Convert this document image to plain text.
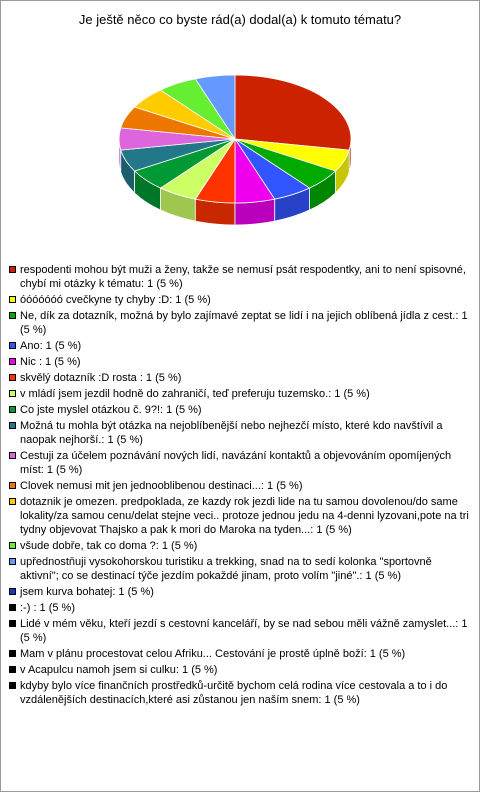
Je ještě něco co byste rád(a) dodal(a) k tomuto tématu?
respodenti mohou být muži a ženy, takže se nemusí psát respodentky, ani to není spisovné, chybí mi otázky k tématu: 1 (5 %)
óóóóóóó cvečkyne ty chyby :D: 1 (5 %)
Ne, dík za dotazník, možná by bylo zajímavé zeptat se lidí i na jejich oblíbená jídla z cest.: 1 (5 %)
Ano: 1 (5 %)
Nic : 1 (5 %)
skvělý dotazník :D rosta : 1 (5 %)
v mládí jsem jezdil hodně do zahraničí, teď preferuju tuzemsko.: 1 (5 %)
Co jste myslel otázkou č. 9?!: 1 (5 %)
Možná tu mohla být otázka na nejoblíbenější nebo nejhezčí místo, které kdo navštívil a naopak nejhorší.: 1 (5 %)
Cestuji za účelem poznávání nových lidí, navázání kontaktů a objevováním opomíjených míst: 1 (5 %)
Clovek nemusi mit jen jednooblibenou destinaci...: 1 (5 %)
dotaznik je omezen. predpoklada, ze kazdy rok jezdi lide na tu samou dovolenou/do same lokality/za samou cenu/delat stejne veci.. protoze jednou jedu na 4-denni lyzovani,pote na tri tydny objevovat Thajsko a pak k mori do Maroka na tyden...: 1 (5 %)
všude dobře, tak co doma ?: 1 (5 %)
upřednostňuji vysokohorskou turistiku a trekking, snad na to sedí kolonka "sportovně aktivní"; co se destinací týče jezdím pokaždé jinam, proto volím "jiné".: 1 (5 %)
jsem kurva bohatej: 1 (5 %)
:-) : 1 (5 %)
Lidé v mém věku, kteří jezdí s cestovní kanceláří, by se nad sebou měli vážně zamyslet...: 1 (5 %)
Mam v plánu procestovat celou Afriku... Cestování je prostě úplně boží: 1 (5 %)
v Acapulcu namoh jsem si culku: 1 (5 %)
kdyby bylo více finančních prostředků-určitě bychom celá rodina více cestovala a to i do vzdálenějších destinacích,které asi zůstanou jen naším snem: 1 (5 %)
